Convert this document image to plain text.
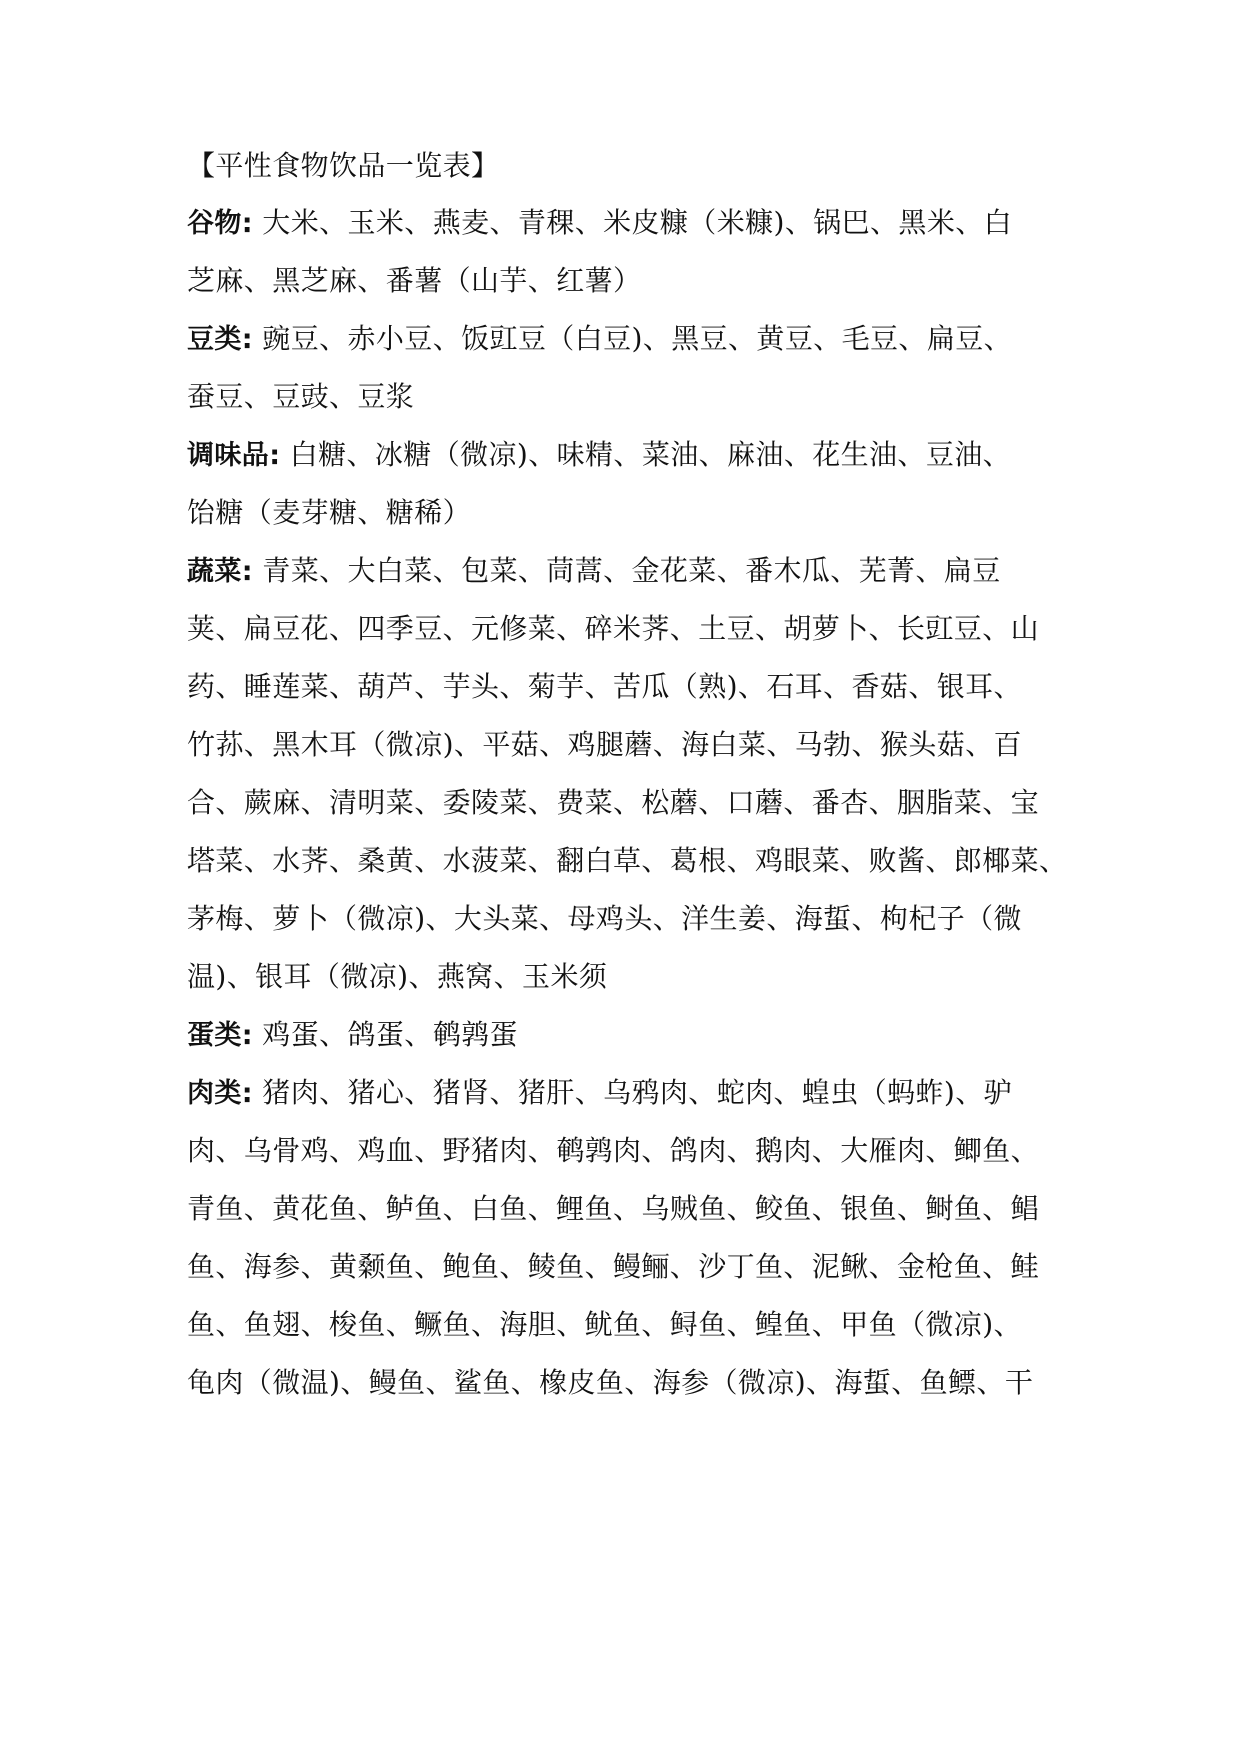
【平性食物饮品一览表】
谷物: 大米、玉米、燕麦、青稞、米皮糠（米糠)、锅巴、黑米、白
芝麻、黑芝麻、番薯（山芋、红薯）
豆类: 豌豆、赤小豆、饭豇豆（白豆)、黑豆、黄豆、毛豆、扁豆、
蚕豆、豆豉、豆浆
调味品: 白糖、冰糖（微凉)、味精、菜油、麻油、花生油、豆油、
饴糖（麦芽糖、糖稀）
蔬菜: 青菜、大白菜、包菜、茼蒿、金花菜、番木瓜、芜菁、扁豆
荚、扁豆花、四季豆、元修菜、碎米荠、土豆、胡萝卜、长豇豆、山
药、睡莲菜、葫芦、芋头、菊芋、苦瓜（熟)、石耳、香菇、银耳、
竹荪、黑木耳（微凉)、平菇、鸡腿蘑、海白菜、马勃、猴头菇、百
合、蕨麻、清明菜、委陵菜、费菜、松蘑、口蘑、番杏、胭脂菜、宝
塔菜、水荠、桑黄、水菠菜、翻白草、葛根、鸡眼菜、败酱、郎椰菜、
茅梅、萝卜（微凉)、大头菜、母鸡头、洋生姜、海蜇、枸杞子（微
温)、银耳（微凉)、燕窝、玉米须
蛋类: 鸡蛋、鸽蛋、鹌鹑蛋
肉类: 猪肉、猪心、猪肾、猪肝、乌鸦肉、蛇肉、蝗虫（蚂蚱)、驴
肉、乌骨鸡、鸡血、野猪肉、鹌鹑肉、鸽肉、鹅肉、大雁肉、鲫鱼、
青鱼、黄花鱼、鲈鱼、白鱼、鲤鱼、乌贼鱼、鲛鱼、银鱼、鲥鱼、鲳
鱼、海参、黄颡鱼、鲍鱼、鲮鱼、鳗鲡、沙丁鱼、泥鳅、金枪鱼、鲑
鱼、鱼翅、梭鱼、鳜鱼、海胆、鱿鱼、鲟鱼、鳇鱼、甲鱼（微凉)、
龟肉（微温)、鳗鱼、鲨鱼、橡皮鱼、海参（微凉)、海蜇、鱼鳔、干
